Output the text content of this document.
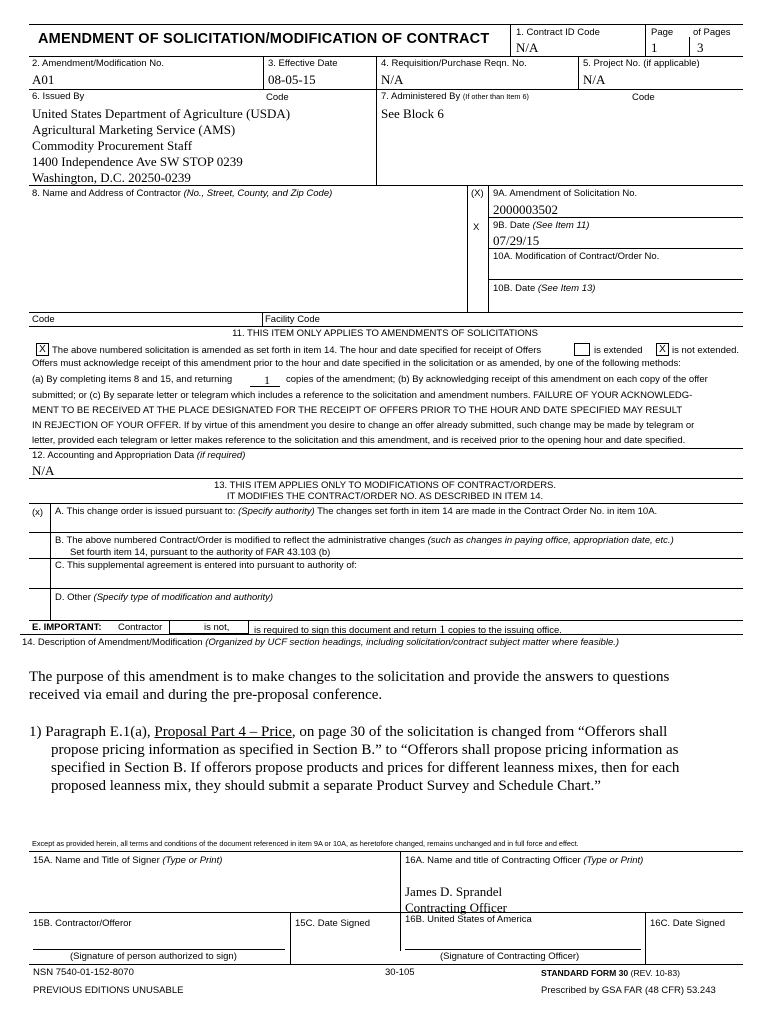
AMENDMENT OF SOLICITATION/MODIFICATION OF CONTRACT	1. Contract ID Code
N/A
Page
1
of Pages
3
2. Amendment/Modification No.
A01
3. Effective Date
08-05-15
4. Requisition/Purchase Reqn. No.
N/A
5. Project No. (if applicable)
N/A
6. Issued By	Code
United States Department of Agriculture (USDA)
Agricultural Marketing Service (AMS)
Commodity Procurement Staff
1400 Independence Ave SW STOP 0239
Washington, D.C. 20250-0239
7. Administered By (If other than Item 6)	Code
See Block 6
8. Name and Address of Contractor (No., Street, County, and Zip Code)	(X) 9A. Amendment of Solicitation No.
2000003502
X 9B. Date (See Item 11)
07/29/15
10A. Modification of Contract/Order No.
10B. Date (See Item 13)
Code	Facility Code
11. THIS ITEM ONLY APPLIES TO AMENDMENTS OF SOLICITATIONS
X The above numbered solicitation is amended as set forth in item 14. The hour and date specified for receipt of Offers	is extended	X is not extended.
Offers must acknowledge receipt of this amendment prior to the hour and date specified in the solicitation or as amended, by one of the following methods:
(a) By completing items 8 and 15, and returning	1 copies of the amendment; (b) By acknowledging receipt of this amendment on each copy of the offer
submitted; or (c) By separate letter or telegram which includes a reference to the solicitation and amendment numbers. FAILURE OF YOUR ACKNOWLEDG-
MENT TO BE RECEIVED AT THE PLACE DESIGNATED FOR THE RECEIPT OF OFFERS PRIOR TO THE HOUR AND DATE SPECIFIED MAY RESULT
IN REJECTION OF YOUR OFFER. If by virtue of this amendment you desire to change an offer already submitted, such change may be made by telegram or
letter, provided each telegram or letter makes reference to the solicitation and this amendment, and is received prior to the opening hour and date specified.
12. Accounting and Appropriation Data (if required)
N/A
13. THIS ITEM APPLIES ONLY TO MODIFICATIONS OF CONTRACT/ORDERS.
IT MODIFIES THE CONTRACT/ORDER NO. AS DESCRIBED IN ITEM 14.
(x) A. This change order is issued pursuant to: (Specify authority) The changes set forth in item 14 are made in the Contract Order No. in item 10A.
B. The above numbered Contract/Order is modified to reflect the administrative changes (such as changes in paying office, appropriation date, etc.)
Set fourth item 14, pursuant to the authority of FAR 43.103 (b)
C. This supplemental agreement is entered into pursuant to authority of:
D. Other (Specify type of modification and authority)
E. IMPORTANT: Contractor	is not,	is required to sign this document and return 1 copies to the issuing office.
14. Description of Amendment/Modification (Organized by UCF section headings, including solicitation/contract subject matter where feasible.)
The purpose of this amendment is to make changes to the solicitation and provide the answers to questions
received via email and during the pre-proposal conference.
1) Paragraph E.1(a), Proposal Part 4 – Price, on page 30 of the solicitation is changed from “Offerors shall
propose pricing information as specified in Section B.” to “Offerors shall propose pricing information as
specified in Section B. If offerors propose products and prices for different leanness mixes, then for each
proposed leanness mix, they should submit a separate Product Survey and Schedule Chart.”
Except as provided herein, all terms and conditions of the document referenced in item 9A or 10A, as heretofore changed, remains unchanged and in full force and effect.
15A. Name and Title of Signer (Type or Print)	16A. Name and title of Contracting Officer (Type or Print)
James D. Sprandel
Contracting Officer
15B. Contractor/Offeror	15C. Date Signed	16B. United States of America	16C. Date Signed
(Signature of person authorized to sign)	(Signature of Contracting Officer)
NSN 7540-01-152-8070	30-105	STANDARD FORM 30 (REV. 10-83)
PREVIOUS EDITIONS UNUSABLE	Prescribed by GSA FAR (48 CFR) 53.243
